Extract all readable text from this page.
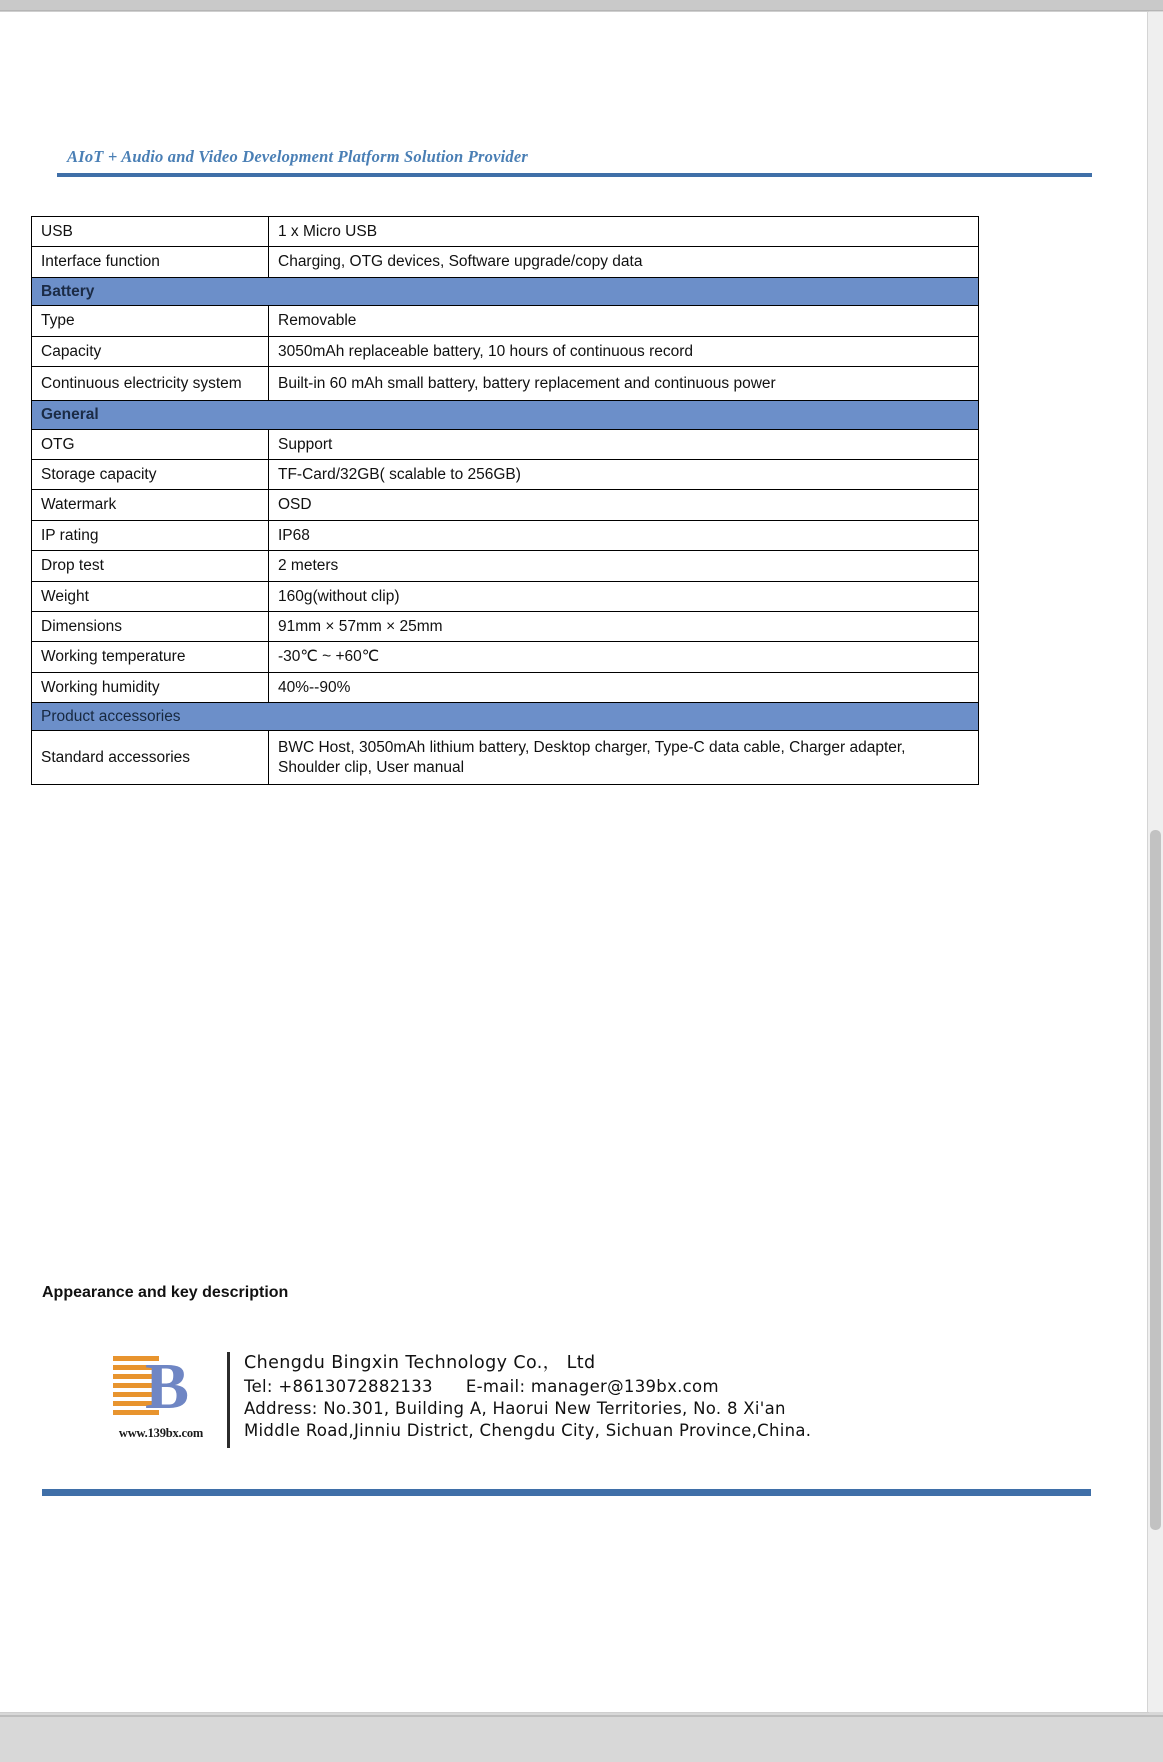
AIoT + Audio and Video Development Platform Solution Provider
USB	1 x Micro USB
Interface function	Charging, OTG devices, Software upgrade/copy data
Battery	
Type	Removable
Capacity	3050mAh replaceable battery, 10 hours of continuous record
Continuous electricity system	Built-in 60 mAh small battery, battery replacement and continuous power
General	
OTG	Support
Storage capacity	TF-Card/32GB( scalable to 256GB)
Watermark	OSD
IP rating	IP68
Drop test	2 meters
Weight	160g(without clip)
Dimensions	91mm × 57mm × 25mm
Working temperature	-30℃ ~ +60℃
Working humidity	40%--90%
Product accessories	
Standard accessories	BWC Host, 3050mAh lithium battery, Desktop charger, Type-C data cable, Charger adapter, Shoulder clip, User manual
Appearance and key description
B
www.139bx.com
Chengdu Bingxin Technology Co.， Ltd
Tel: +8613072882133 E-mail: manager@139bx.com
Address: No.301, Building A, Haorui New Territories, No. 8 Xi'an
Middle Road,Jinniu District, Chengdu City, Sichuan Province,China.
